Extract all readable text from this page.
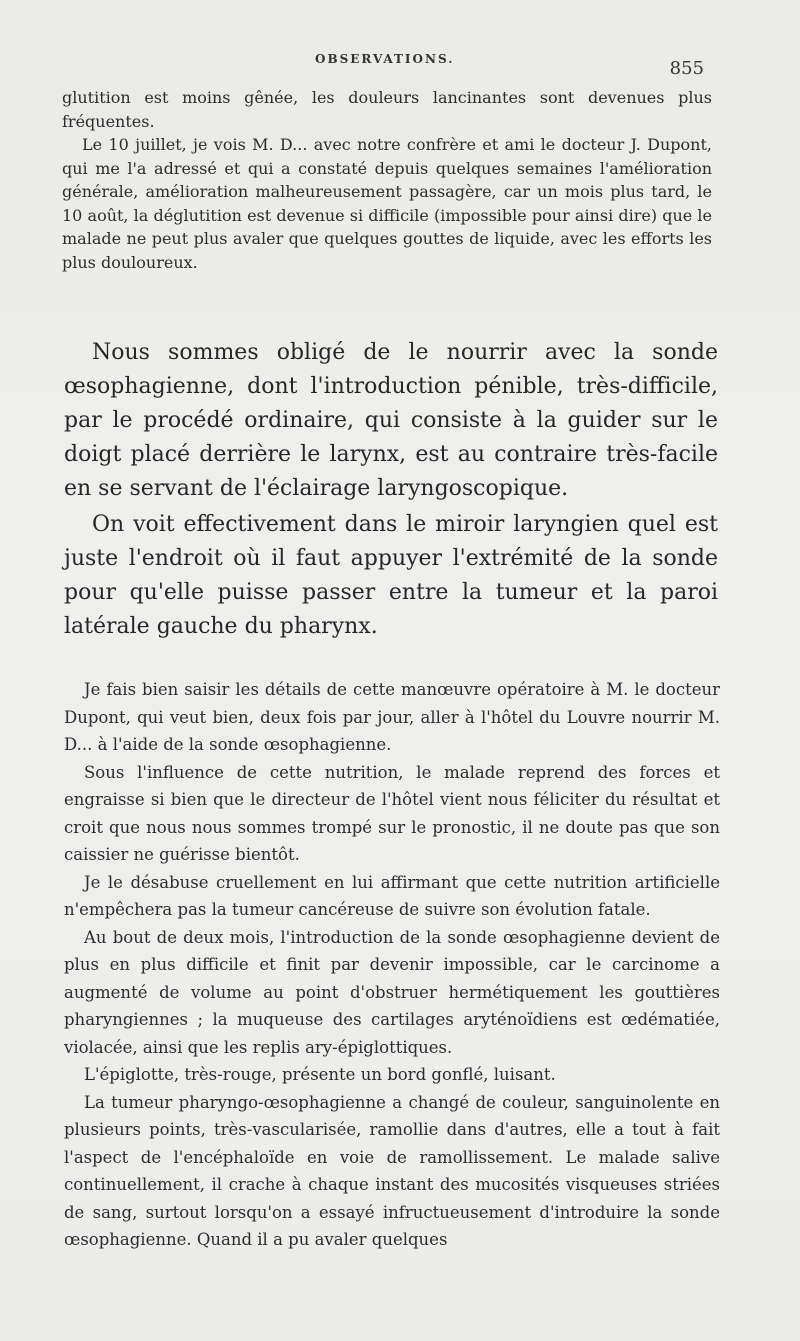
OBSERVATIONS.	855

glutition est moins gênée, les douleurs lancinantes sont devenues plus fréquentes.

Le 10 juillet, je vois M. D... avec notre confrère et ami le docteur J. Dupont, qui me l'a adressé et qui a constaté depuis quelques semaines l'amélioration générale, amélioration malheureusement passagère, car un mois plus tard, le 10 août, la déglutition est devenue si difficile (impossible pour ainsi dire) que le malade ne peut plus avaler que quelques gouttes de liquide, avec les efforts les plus douloureux.

Nous sommes obligé de le nourrir avec la sonde œsophagienne, dont l'introduction pénible, très-difficile, par le procédé ordinaire, qui consiste à la guider sur le doigt placé derrière le larynx, est au contraire très-facile en se servant de l'éclairage laryngoscopique.

On voit effectivement dans le miroir laryngien quel est juste l'endroit où il faut appuyer l'extrémité de la sonde pour qu'elle puisse passer entre la tumeur et la paroi latérale gauche du pharynx.

Je fais bien saisir les détails de cette manœuvre opératoire à M. le docteur Dupont, qui veut bien, deux fois par jour, aller à l'hôtel du Louvre nourrir M. D... à l'aide de la sonde œsophagienne.

Sous l'influence de cette nutrition, le malade reprend des forces et engraisse si bien que le directeur de l'hôtel vient nous féliciter du résultat et croit que nous nous sommes trompé sur le pronostic, il ne doute pas que son caissier ne guérisse bientôt.

Je le désabuse cruellement en lui affirmant que cette nutrition artificielle n'empêchera pas la tumeur cancéreuse de suivre son évolution fatale.

Au bout de deux mois, l'introduction de la sonde œsophagienne devient de plus en plus difficile et finit par devenir impossible, car le carcinome a augmenté de volume au point d'obstruer hermétiquement les gouttières pharyngiennes ; la muqueuse des cartilages aryténoïdiens est œdématiée, violacée, ainsi que les replis ary-épiglottiques.

L'épiglotte, très-rouge, présente un bord gonflé, luisant.

La tumeur pharyngo-œsophagienne a changé de couleur, sanguinolente en plusieurs points, très-vascularisée, ramollie dans d'autres, elle a tout à fait l'aspect de l'encéphaloïde en voie de ramollissement. Le malade salive continuellement, il crache à chaque instant des mucosités visqueuses striées de sang, surtout lorsqu'on a essayé infructueusement d'introduire la sonde œsophagienne. Quand il a pu avaler quelques
